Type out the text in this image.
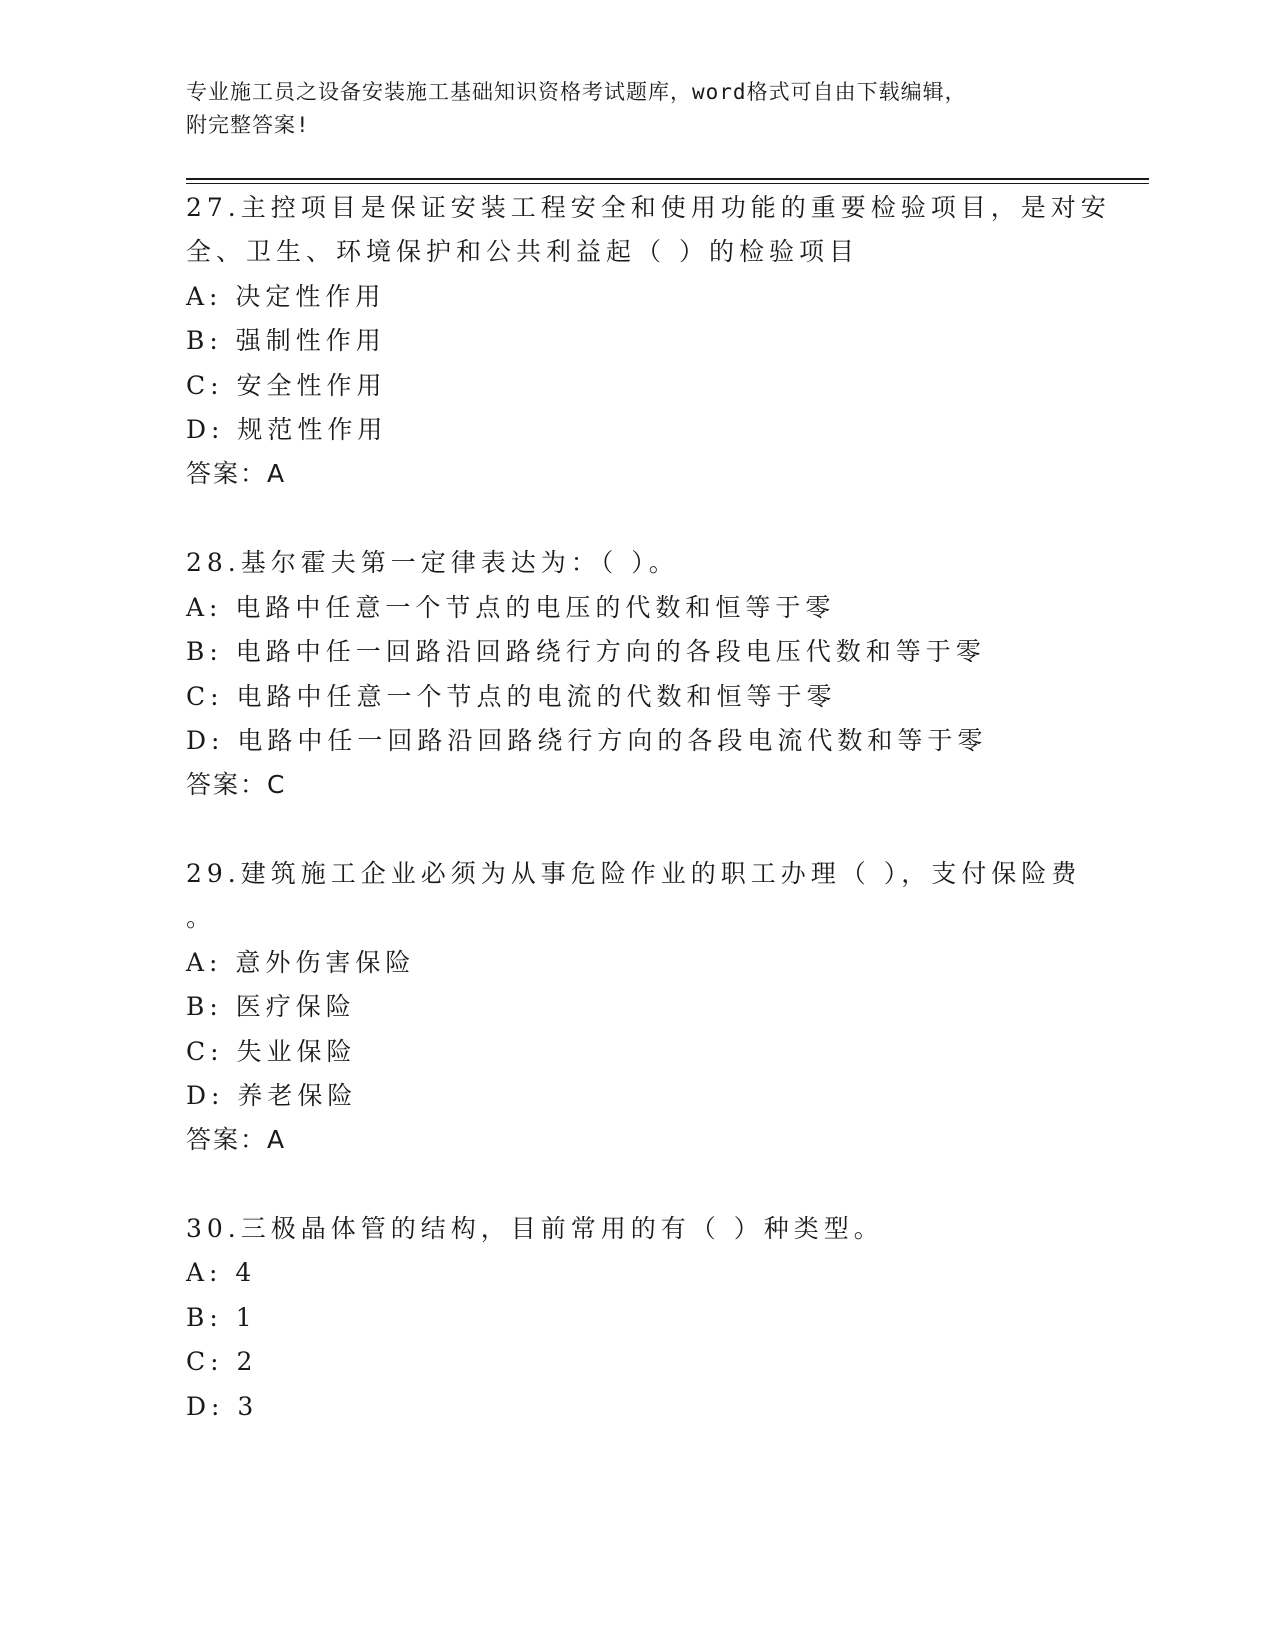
专业施工员之设备安装施工基础知识资格考试题库，word格式可自由下载编辑，
附完整答案!
27.主控项目是保证安装工程安全和使用功能的重要检验项目，是对安
全、卫生、环境保护和公共利益起（ ）的检验项目
A: 决定性作用
B: 强制性作用
C: 安全性作用
D: 规范性作用
答案：A
28.基尔霍夫第一定律表达为：（ ）。
A: 电路中任意一个节点的电压的代数和恒等于零
B: 电路中任一回路沿回路绕行方向的各段电压代数和等于零
C: 电路中任意一个节点的电流的代数和恒等于零
D: 电路中任一回路沿回路绕行方向的各段电流代数和等于零
答案：C
29.建筑施工企业必须为从事危险作业的职工办理（ ），支付保险费
。
A: 意外伤害保险
B: 医疗保险
C: 失业保险
D: 养老保险
答案：A
30.三极晶体管的结构，目前常用的有（ ）种类型。
A: 4
B: 1
C: 2
D: 3
